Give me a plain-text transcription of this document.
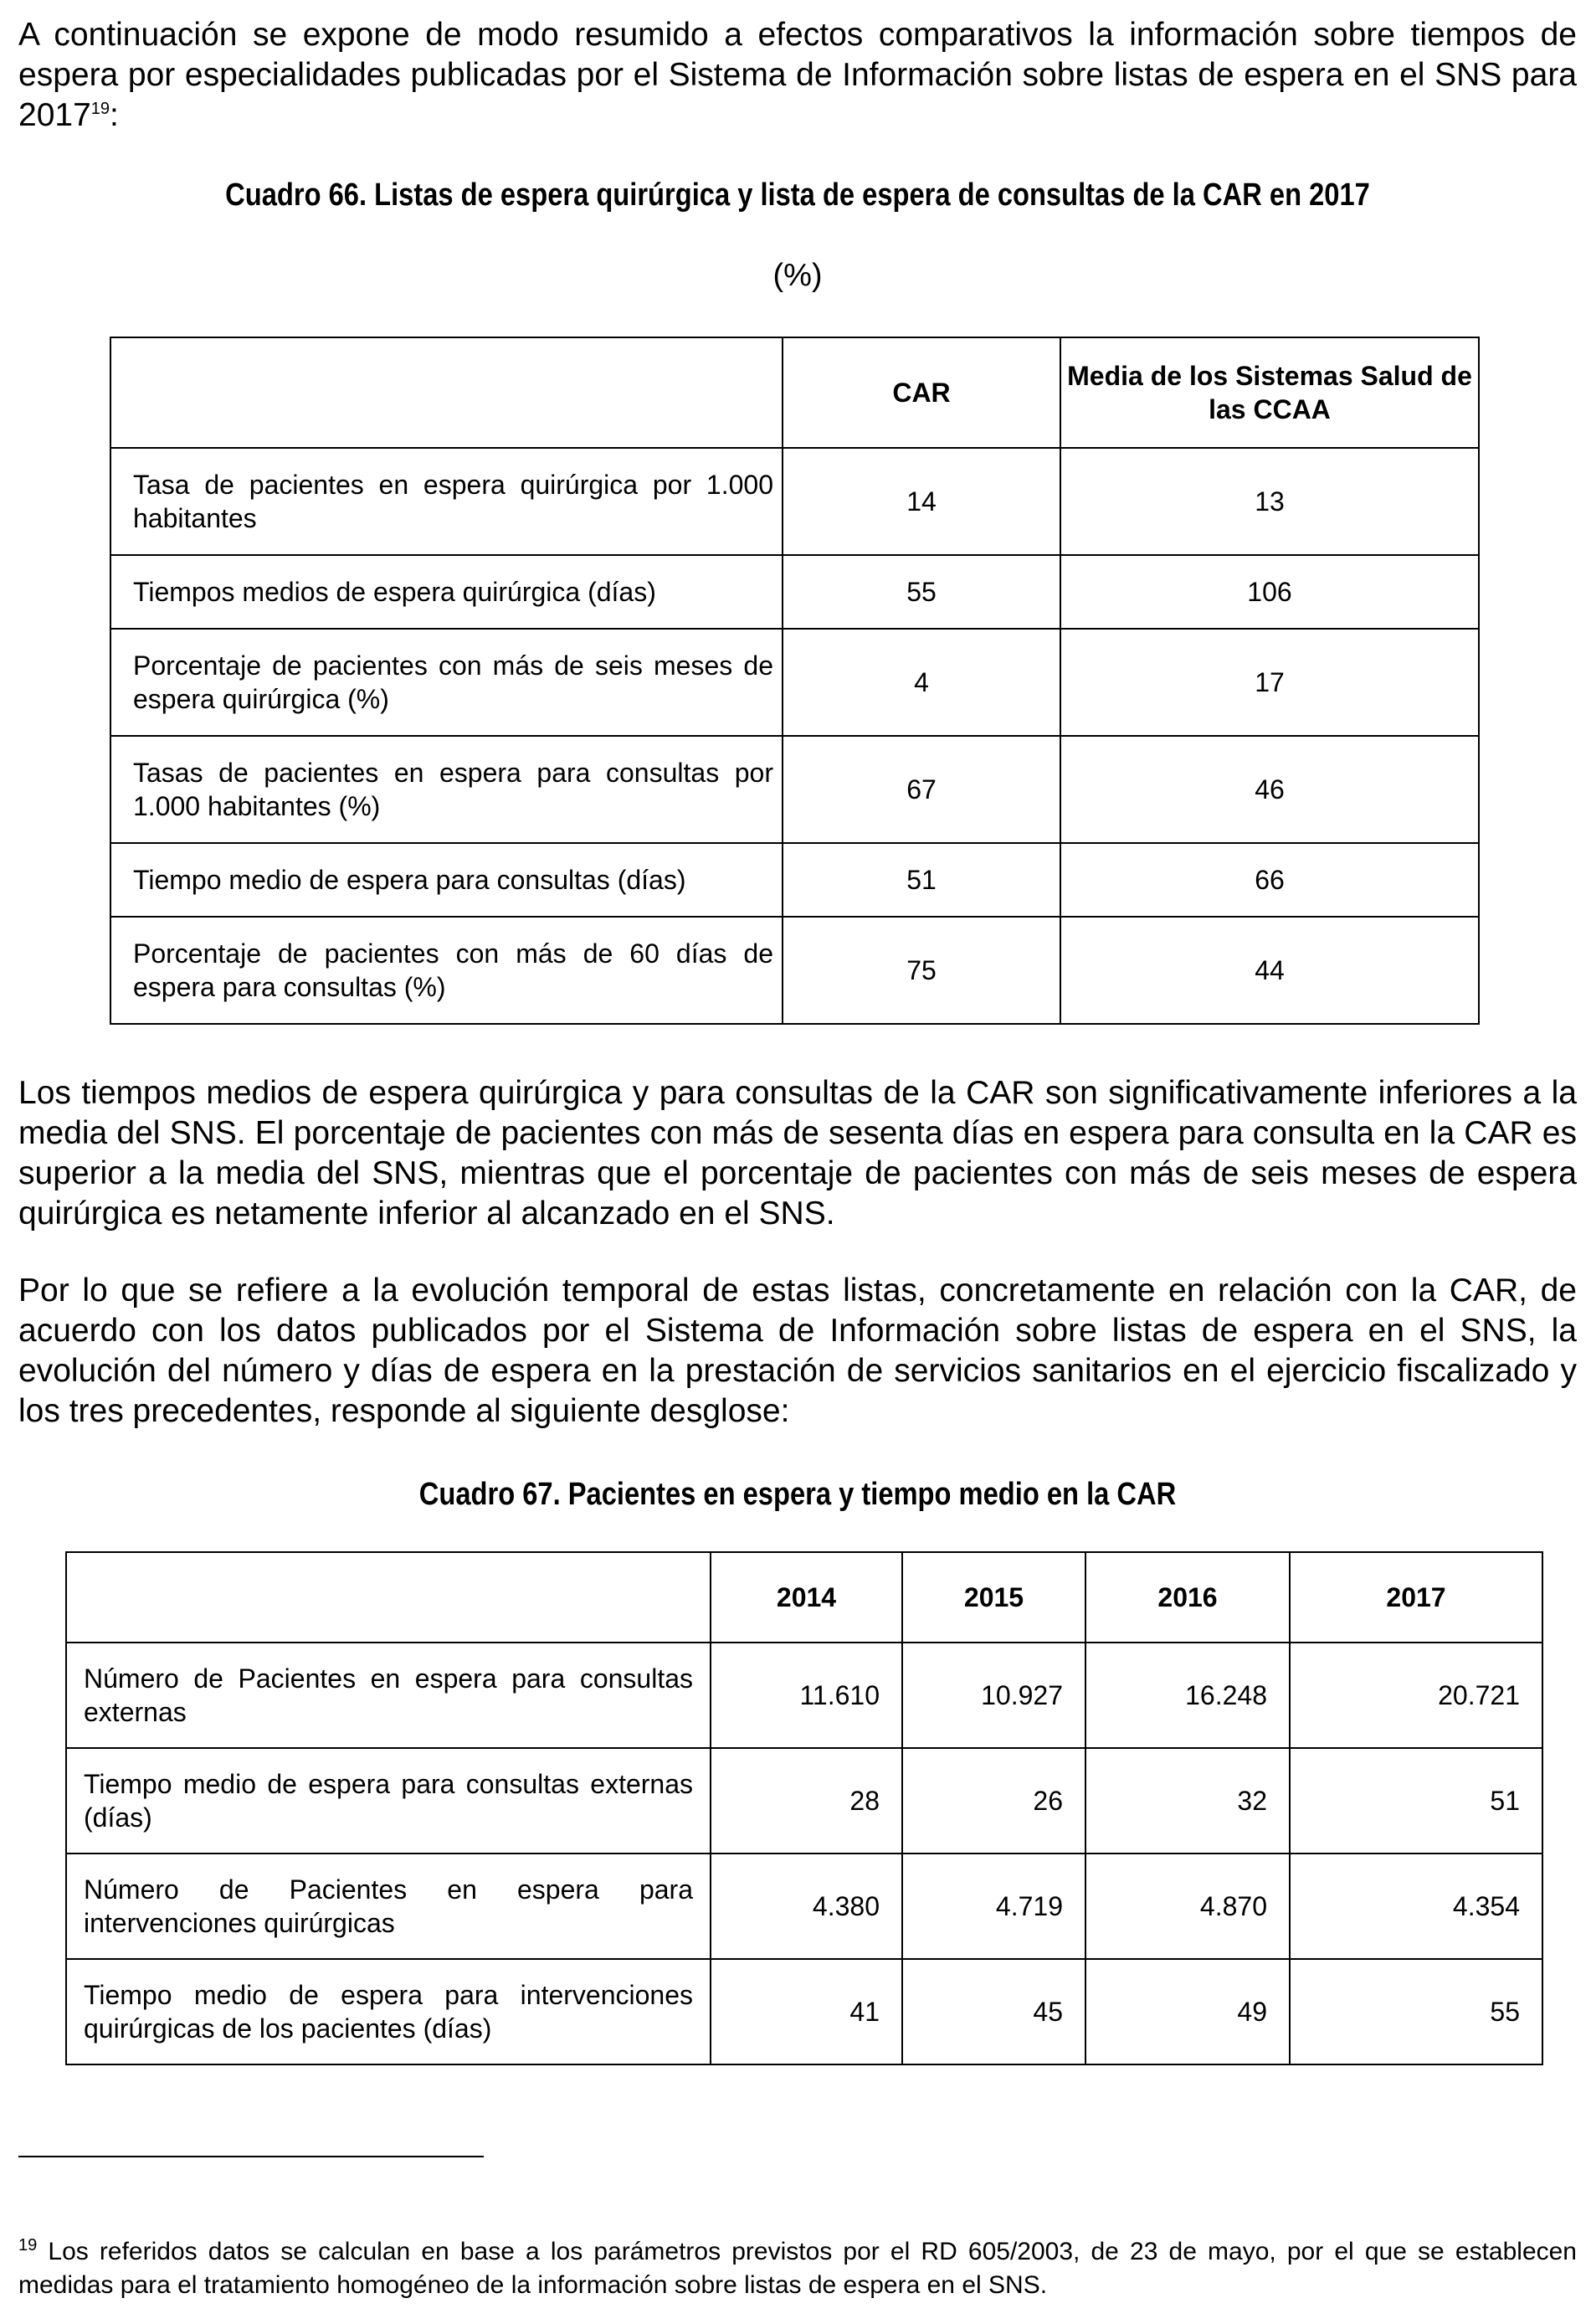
A continuación se expone de modo resumido a efectos comparativos la información sobre tiempos de espera por especialidades publicadas por el Sistema de Información sobre listas de espera en el SNS para 2017$^{19}$:

Cuadro 66. Listas de espera quirúrgica y lista de espera de consultas de la CAR en 2017
(%)
	CAR	Media de los Sistemas Salud de las CCAA
Tasa de pacientes en espera quirúrgica por 1.000 habitantes	14	13
Tiempos medios de espera quirúrgica (días)	55	106
Porcentaje de pacientes con más de seis meses de espera quirúrgica (%)	4	17
Tasas de pacientes en espera para consultas por 1.000 habitantes (%)	67	46
Tiempo medio de espera para consultas (días)	51	66
Porcentaje de pacientes con más de 60 días de espera para consultas (%)	75	44

Los tiempos medios de espera quirúrgica y para consultas de la CAR son significativamente inferiores a la media del SNS. El porcentaje de pacientes con más de sesenta días en espera para consulta en la CAR es superior a la media del SNS, mientras que el porcentaje de pacientes con más de seis meses de espera quirúrgica es netamente inferior al alcanzado en el SNS.

Por lo que se refiere a la evolución temporal de estas listas, concretamente en relación con la CAR, de acuerdo con los datos publicados por el Sistema de Información sobre listas de espera en el SNS, la evolución del número y días de espera en la prestación de servicios sanitarios en el ejercicio fiscalizado y los tres precedentes, responde al siguiente desglose:

Cuadro 67. Pacientes en espera y tiempo medio en la CAR
	2014	2015	2016	2017
Número de Pacientes en espera para consultas externas	11.610	10.927	16.248	20.721
Tiempo medio de espera para consultas externas (días)	28	26	32	51
Número de Pacientes en espera para intervenciones quirúrgicas	4.380	4.719	4.870	4.354
Tiempo medio de espera para intervenciones quirúrgicas de los pacientes (días)	41	45	49	55

$^{19}$ Los referidos datos se calculan en base a los parámetros previstos por el RD 605/2003, de 23 de mayo, por el que se establecen medidas para el tratamiento homogéneo de la información sobre listas de espera en el SNS.
